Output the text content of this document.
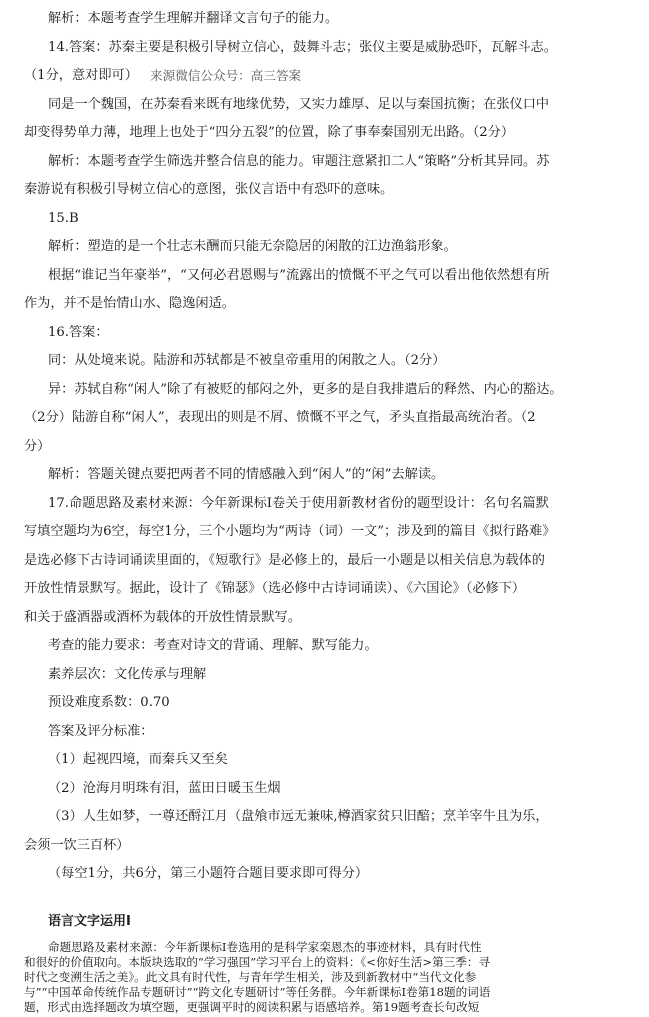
解析：本题考查学生理解并翻译文言句子的能力。
14.答案：苏秦主要是积极引导树立信心，鼓舞斗志；张仪主要是威胁恐吓，瓦解斗志。
（1分，意对即可） 来源微信公众号：高三答案
同是一个魏国，在苏秦看来既有地缘优势，又实力雄厚、足以与秦国抗衡；在张仪口中
却变得势单力薄，地理上也处于“四分五裂”的位置，除了事奉秦国别无出路。（2分）
解析：本题考查学生筛选并整合信息的能力。审题注意紧扣二人“策略”分析其异同。苏
秦游说有积极引导树立信心的意图，张仪言语中有恐吓的意味。
15.B
解析：塑造的是一个壮志未酬而只能无奈隐居的闲散的江边渔翁形象。
根据“谁记当年豪举”，“又何必君恩赐与”流露出的愤慨不平之气可以看出他依然想有所
作为，并不是怡情山水、隐逸闲适。
16.答案：
同：从处境来说。陆游和苏轼都是不被皇帝重用的闲散之人。（2分）
异：苏轼自称“闲人”除了有被贬的郁闷之外，更多的是自我排遣后的释然、内心的豁达。
（2分）陆游自称“闲人”，表现出的则是不屑、愤慨不平之气，矛头直指最高统治者。（2
分）
解析：答题关键点要把两者不同的情感融入到“闲人”的“闲”去解读。
17.命题思路及素材来源：今年新课标Ⅰ卷关于使用新教材省份的题型设计：名句名篇默
写填空题均为6空，每空1分，三个小题均为“两诗（词）一文”；涉及到的篇目《拟行路难》
是选必修下古诗词诵读里面的，《短歌行》是必修上的，最后一小题是以相关信息为载体的
开放性情景默写。据此，设计了《锦瑟》（选必修中古诗词诵读）、《六国论》（必修下）
和关于盛酒器或酒杯为载体的开放性情景默写。
考查的能力要求：考查对诗文的背诵、理解、默写能力。
素养层次：文化传承与理解
预设难度系数：0.70
答案及评分标准：
（1）起视四境，而秦兵又至矣
（2）沧海月明珠有泪，蓝田日暖玉生烟
（3）人生如梦，一尊还酹江月（盘飧市远无兼味,樽酒家贫只旧醅；烹羊宰牛且为乐，
会须一饮三百杯）
（每空1分，共6分，第三小题符合题目要求即可得分）
语言文字运用Ⅰ
命题思路及素材来源：今年新课标Ⅰ卷选用的是科学家栾恩杰的事迹材料，具有时代性
和很好的价值取向。本版块选取的“学习强国”学习平台上的资料：《<你好生活>第三季：寻
时代之变溯生活之美》。此文具有时代性，与青年学生相关，涉及到新教材中“当代文化参
与”“中国革命传统作品专题研讨”“跨文化专题研讨”等任务群。今年新课标Ⅰ卷第18题的词语
题，形式由选择题改为填空题，更强调平时的阅读积累与语感培养。第19题考查长句改短
